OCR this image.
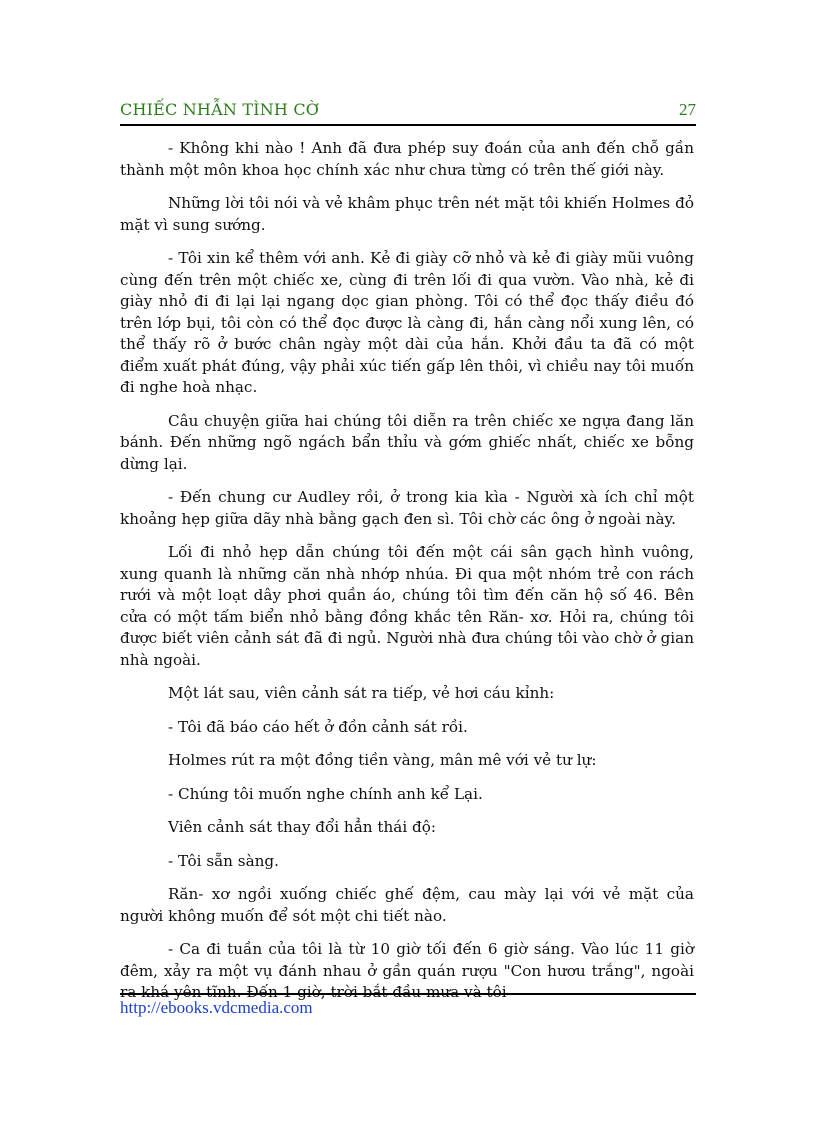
CHIẾC NHẪN TÌNH CỜ	27

- Không khi nào ! Anh đã đưa phép suy đoán của anh đến chỗ gần thành một môn khoa học chính xác như chưa từng có trên thế giới này.

Những lời tôi nói và vẻ khâm phục trên nét mặt tôi khiến Holmes đỏ mặt vì sung sướng.

- Tôi xin kể thêm với anh. Kẻ đi giày cỡ nhỏ và kẻ đi giày mũi vuông cùng đến trên một chiếc xe, cùng đi trên lối đi qua vườn. Vào nhà, kẻ đi giày nhỏ đi đi lại lại ngang dọc gian phòng. Tôi có thể đọc thấy điều đó trên lớp bụi, tôi còn có thể đọc được là càng đi, hắn càng nổi xung lên, có thể thấy rõ ở bước chân ngày một dài của hắn. Khởi đầu ta đã có một điểm xuất phát đúng, vậy phải xúc tiến gấp lên thôi, vì chiều nay tôi muốn đi nghe hoà nhạc.

Câu chuyện giữa hai chúng tôi diễn ra trên chiếc xe ngựa đang lăn bánh. Đến những ngõ ngách bẩn thỉu và gớm ghiếc nhất, chiếc xe bỗng dừng lại.

- Đến chung cư Audley rồi, ở trong kia kìa - Người xà ích chỉ một khoảng hẹp giữa dãy nhà bằng gạch đen sì. Tôi chờ các ông ở ngoài này.

Lối đi nhỏ hẹp dẫn chúng tôi đến một cái sân gạch hình vuông, xung quanh là những căn nhà nhớp nhúa. Đi qua một nhóm trẻ con rách rưới và một loạt dây phơi quần áo, chúng tôi tìm đến căn hộ số 46. Bên cửa có một tấm biển nhỏ bằng đồng khắc tên Răn- xơ. Hỏi ra, chúng tôi được biết viên cảnh sát đã đi ngủ. Người nhà đưa chúng tôi vào chờ ở gian nhà ngoài.

Một lát sau, viên cảnh sát ra tiếp, vẻ hơi cáu kỉnh:

- Tôi đã báo cáo hết ở đồn cảnh sát rồi.

Holmes rút ra một đồng tiền vàng, mân mê với vẻ tư lự:

- Chúng tôi muốn nghe chính anh kể Lại.

Viên cảnh sát thay đổi hẳn thái độ:

- Tôi sẵn sàng.

Răn- xơ ngồi xuống chiếc ghế đệm, cau mày lại với vẻ mặt của người không muốn để sót một chi tiết nào.

- Ca đi tuần của tôi là từ 10 giờ tối đến 6 giờ sáng. Vào lúc 11 giờ đêm, xảy ra một vụ đánh nhau ở gần quán rượu "Con hươu trắng", ngoài ra khá yên tĩnh. Đến 1 giờ, trời bắt đầu mưa và tôi

http://ebooks.vdcmedia.com
